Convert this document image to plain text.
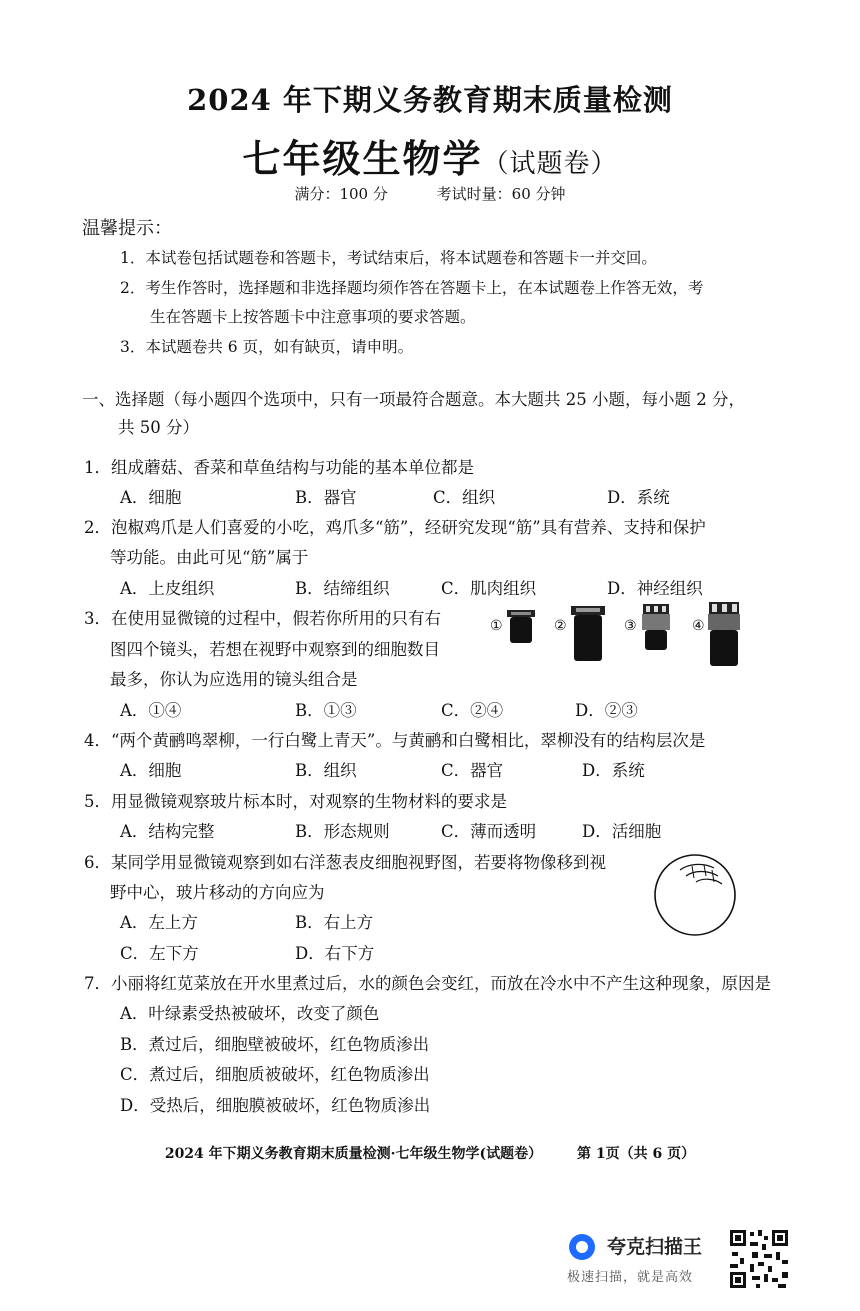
2024 年下期义务教育期末质量检测
七年级生物学（试题卷）
满分：100 分	考试时量：60 分钟
温馨提示：
1．本试卷包括试题卷和答题卡，考试结束后，将本试题卷和答题卡一并交回。
2．考生作答时，选择题和非选择题均须作答在答题卡上，在本试题卷上作答无效，考
生在答题卡上按答题卡中注意事项的要求答题。
3．本试题卷共 6 页，如有缺页，请申明。
一、选择题（每小题四个选项中，只有一项最符合题意。本大题共 25 小题，每小题 2 分，
共 50 分）
1．组成蘑菇、香菜和草鱼结构与功能的基本单位都是
A．细胞	B．器官	C．组织	D．系统
2．泡椒鸡爪是人们喜爱的小吃，鸡爪多“筋”，经研究发现“筋”具有营养、支持和保护
等功能。由此可见“筋”属于
A．上皮组织	B．结缔组织	C．肌肉组织	D．神经组织
3．在使用显微镜的过程中，假若你所用的只有右
图四个镜头，若想在视野中观察到的细胞数目
最多，你认为应选用的镜头组合是
A．①④	B．①③	C．②④	D．②③
①	②	③	④
4．“两个黄鹂鸣翠柳，一行白鹭上青天”。与黄鹂和白鹭相比，翠柳没有的结构层次是
A．细胞	B．组织	C．器官	D．系统
5．用显微镜观察玻片标本时，对观察的生物材料的要求是
A．结构完整	B．形态规则	C．薄而透明	D．活细胞
6．某同学用显微镜观察到如右洋葱表皮细胞视野图，若要将物像移到视
野中心，玻片移动的方向应为
A．左上方	B．右上方
C．左下方	D．右下方
7．小丽将红苋菜放在开水里煮过后，水的颜色会变红，而放在冷水中不产生这种现象，原因是
A．叶绿素受热被破坏，改变了颜色
B．煮过后，细胞壁被破坏，红色物质渗出
C．煮过后，细胞质被破坏，红色物质渗出
D．受热后，细胞膜被破坏，红色物质渗出
2024 年下期义务教育期末质量检测·七年级生物学(试题卷） 第 1页（共 6 页）
夸克扫描王
极速扫描，就是高效
